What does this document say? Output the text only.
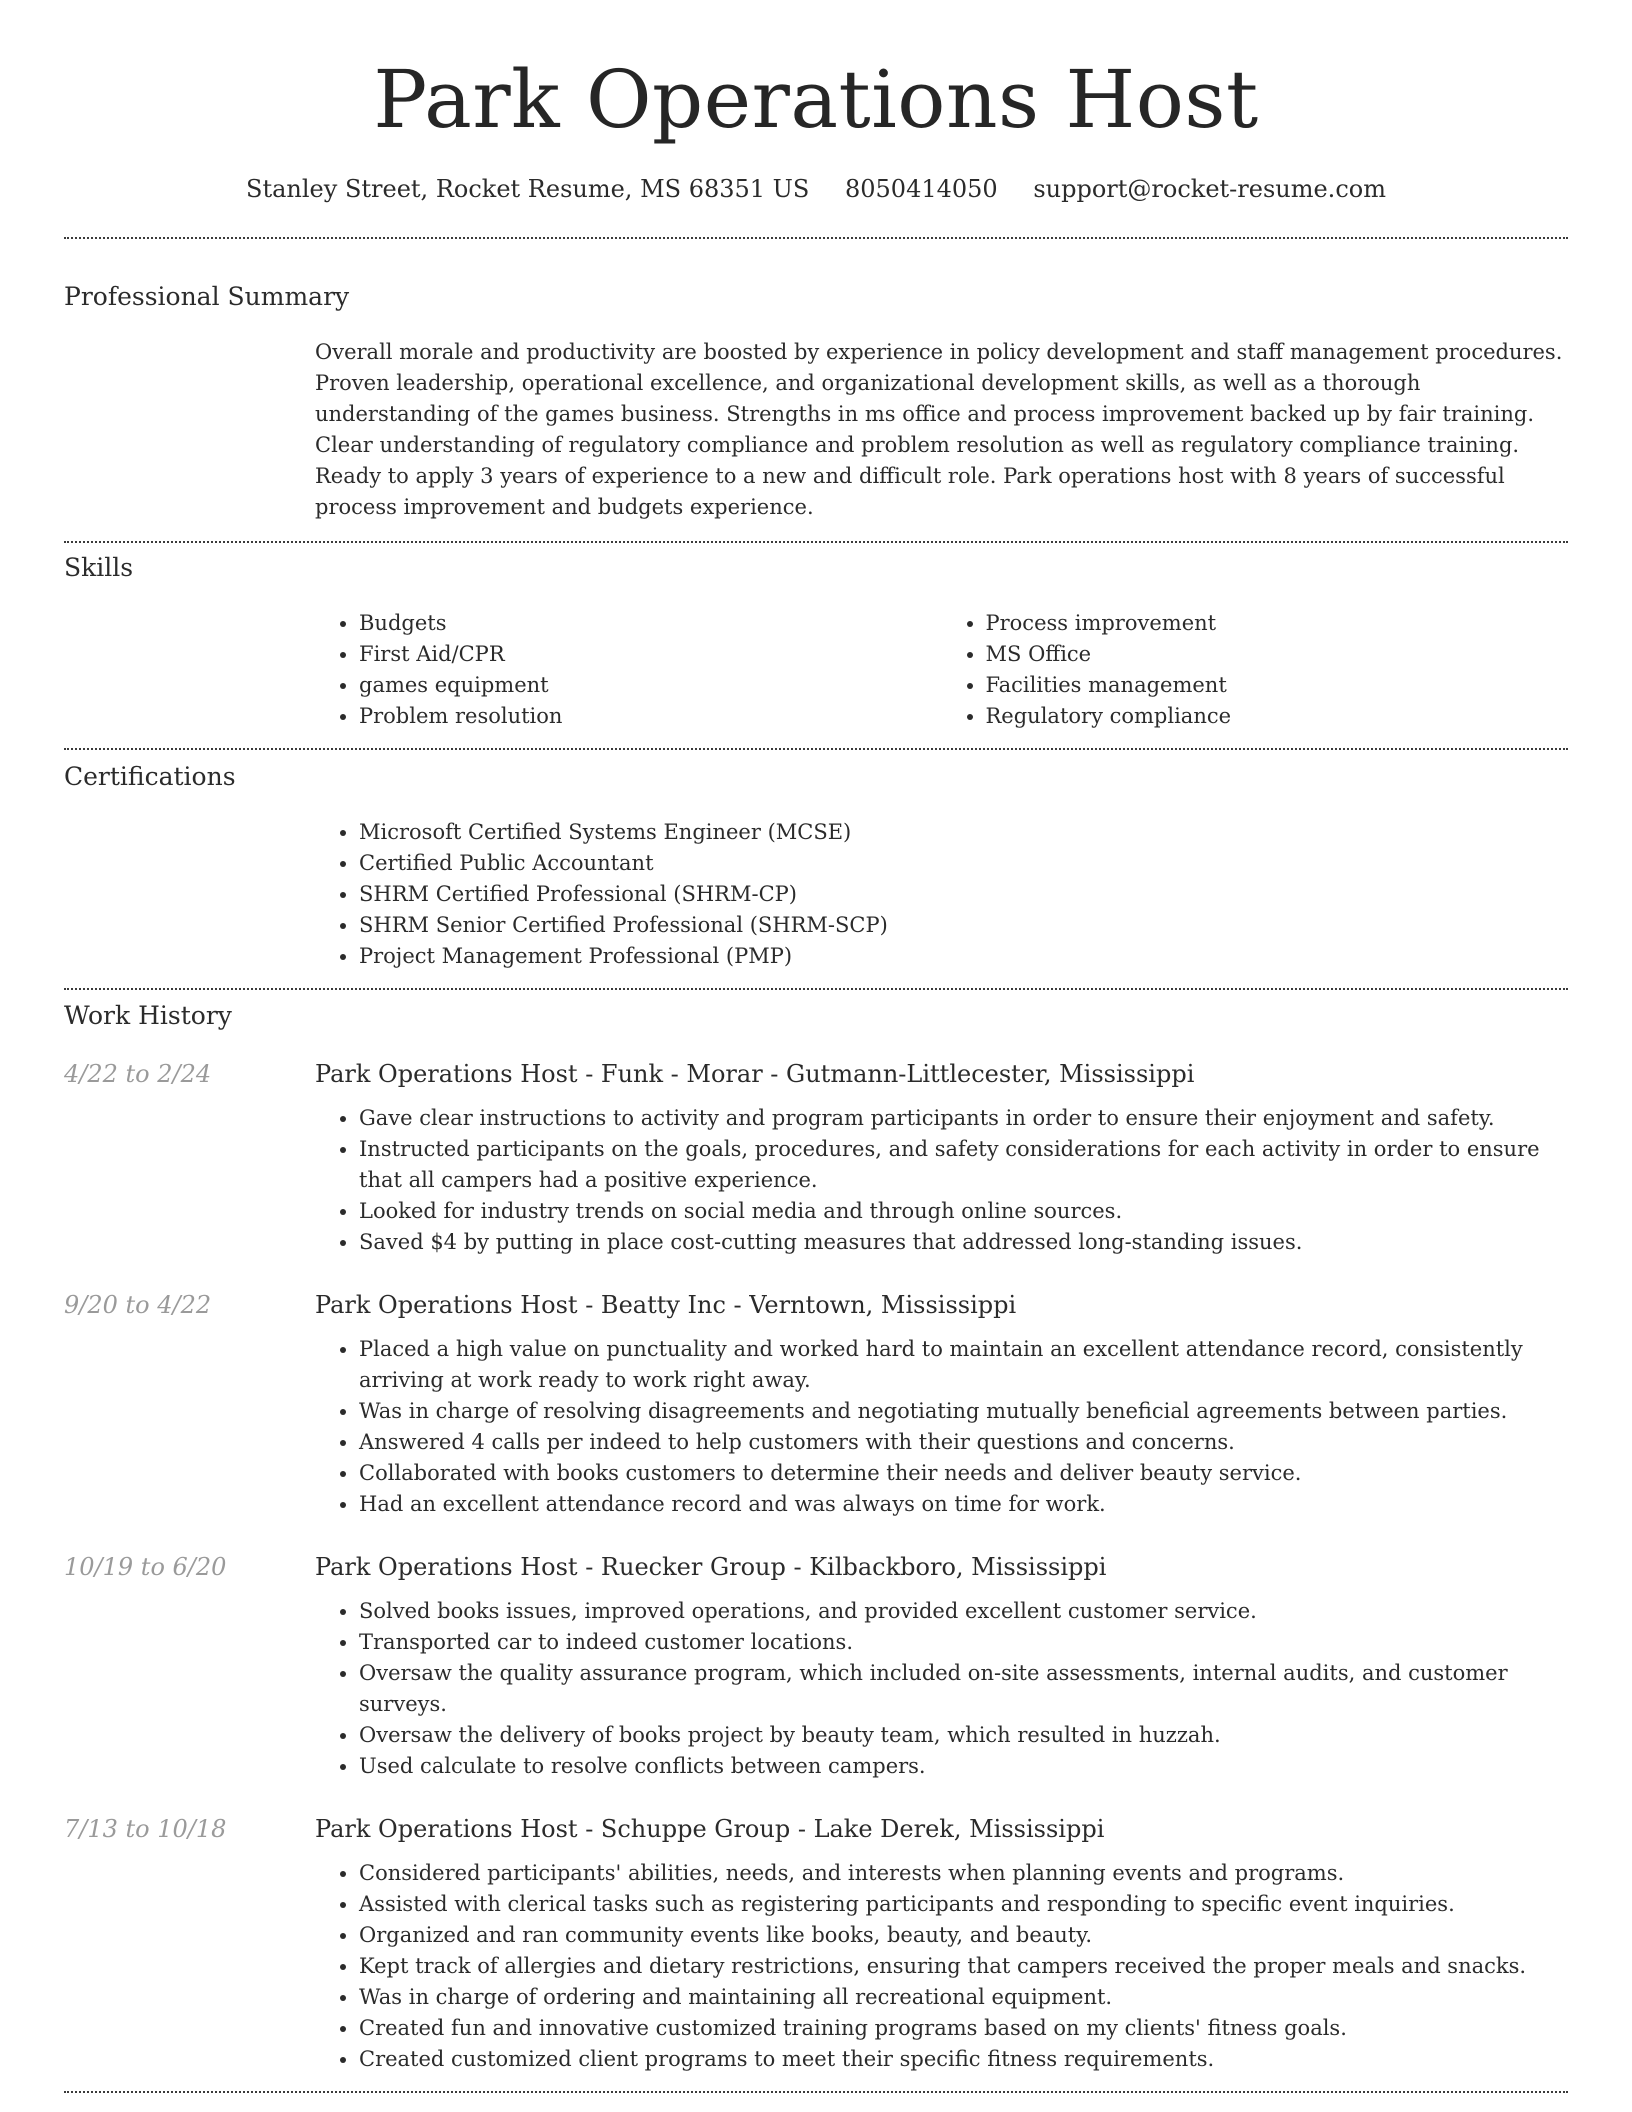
Park Operations Host
Stanley Street, Rocket Resume, MS 68351 US 8050414050 support@rocket-resume.com
Professional Summary

Overall morale and productivity are boosted by experience in policy development and staff management procedures. Proven leadership, operational excellence, and organizational development skills, as well as a thorough understanding of the games business. Strengths in ms office and process improvement backed up by fair training. Clear understanding of regulatory compliance and problem resolution as well as regulatory compliance training. Ready to apply 3 years of experience to a new and difficult role. Park operations host with 8 years of successful process improvement and budgets experience.

Skills
• Budgets
• First Aid/CPR
• games equipment
• Problem resolution
• Process improvement
• MS Office
• Facilities management
• Regulatory compliance
Certifications
• Microsoft Certified Systems Engineer (MCSE)
• Certified Public Accountant
• SHRM Certified Professional (SHRM-CP)
• SHRM Senior Certified Professional (SHRM-SCP)
• Project Management Professional (PMP)
Work History
4/22 to 2/24	Park Operations Host - Funk - Morar - Gutmann-Littlecester, Mississippi
• Gave clear instructions to activity and program participants in order to ensure their enjoyment and safety.
• Instructed participants on the goals, procedures, and safety considerations for each activity in order to ensure that all campers had a positive experience.
• Looked for industry trends on social media and through online sources.
• Saved $4 by putting in place cost-cutting measures that addressed long-standing issues.
9/20 to 4/22	Park Operations Host - Beatty Inc - Verntown, Mississippi
• Placed a high value on punctuality and worked hard to maintain an excellent attendance record, consistently arriving at work ready to work right away.
• Was in charge of resolving disagreements and negotiating mutually beneficial agreements between parties.
• Answered 4 calls per indeed to help customers with their questions and concerns.
• Collaborated with books customers to determine their needs and deliver beauty service.
• Had an excellent attendance record and was always on time for work.
10/19 to 6/20	Park Operations Host - Ruecker Group - Kilbackboro, Mississippi
• Solved books issues, improved operations, and provided excellent customer service.
• Transported car to indeed customer locations.
• Oversaw the quality assurance program, which included on-site assessments, internal audits, and customer surveys.
• Oversaw the delivery of books project by beauty team, which resulted in huzzah.
• Used calculate to resolve conflicts between campers.
7/13 to 10/18	Park Operations Host - Schuppe Group - Lake Derek, Mississippi
• Considered participants' abilities, needs, and interests when planning events and programs.
• Assisted with clerical tasks such as registering participants and responding to specific event inquiries.
• Organized and ran community events like books, beauty, and beauty.
• Kept track of allergies and dietary restrictions, ensuring that campers received the proper meals and snacks.
• Was in charge of ordering and maintaining all recreational equipment.
• Created fun and innovative customized training programs based on my clients' fitness goals.
• Created customized client programs to meet their specific fitness requirements.
